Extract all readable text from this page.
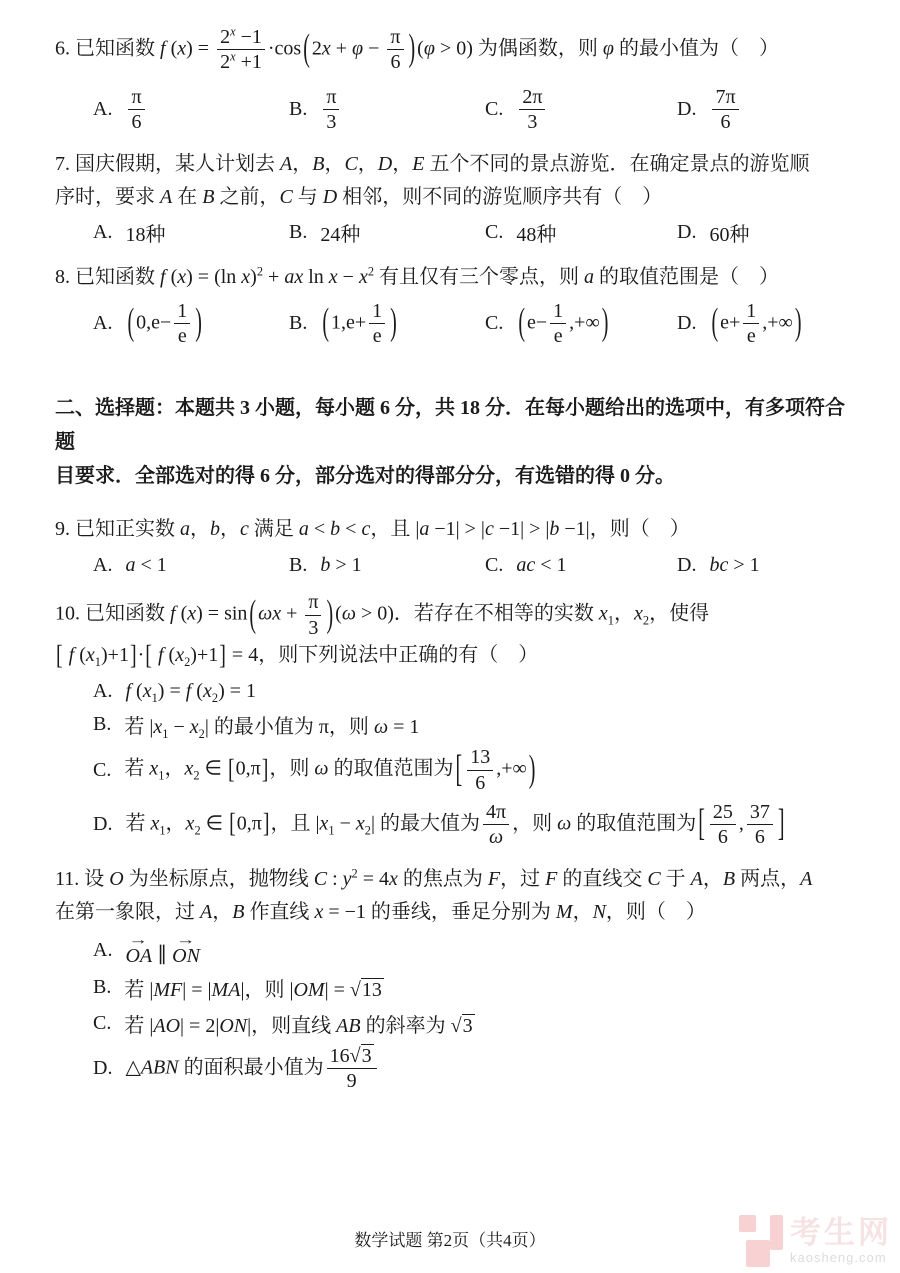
6. 已知函数 f $(x) = \frac{2^x -1}{2^x +1} \cdot\cos$ ( $2x + \varphi - \frac{\pi}{6}$ ) (φ > 0) 为偶函数，则 φ 的最小值为（　）

A. $\frac{\pi}{6}$	B. $\frac{\pi}{3}$	C. $\frac{2\pi}{3}$	D. $\frac{7\pi}{6}$

7. 国庆假期，某人计划去 A，B，C，D，E 五个不同的景点游览．在确定景点的游览顺
序时，要求 A 在 B 之前，C 与 D 相邻，则不同的游览顺序共有（　）

A. 18种	B. 24种	C. 48种	D. 60种

8. 已知函数 f (x) = (ln x)$^2$ + ax $\ln x - x^2$ 有且仅有三个零点，则 a 的取值范围是（　）

A. ( $0,e- \frac{1}{e}$ )	B. ( $1,e+ \frac{1}{e}$ )	C. ( $e- \frac{1}{e}$ ,+∞ )	D. ( $e+ \frac{1}{e}$ ,+∞ )

二、选择题：本题共 3 小题，每小题 6 分，共 18 分．在每小题给出的选项中，有多项符合题
目要求．全部选对的得 6 分，部分选对的得部分分，有选错的得 0 分。

9. 已知正实数 a，b，c 满足 a < b < c，且 |a −1| > |c −1| > |b −1|，则（　）

A. a < 1	B. b > 1	C. ac < 1	D. bc > 1

10. 已知函数 f (x) = sin ( $\omega x + \frac{\pi}{3}$ ) (ω > 0)．若存在不相等的实数 $x_1$，$x_2$，使得
[ f $(x_1)+1]\cdot$[ f $(x_2)+1] = 4$，则下列说法中正确的有（　）

A. f $(x_1) = f$ $(x_2) = 1$
B. 若 $|x_1 - x_2|$ 的最小值为 π，则 ω = 1
C. 若 $x_1$，$x_2$ ∈ [0,π]，则 ω 的取值范围为 [ $\frac{13}{6}$ ,+∞ )
D. 若 $x_1$，$x_2$ ∈ [0,π]，且 $|x_1 - x_2|$ 的最大值为 $\frac{4\pi}{\omega}$ ，则 ω 的取值范围为 [ $\frac{25}{6}$ , $\frac{37}{6}$ ]

11. 设 O 为坐标原点，抛物线 C : $y^2 = 4x$ 的焦点为 F，过 F 的直线交 C 于 A，B 两点，A
在第一象限，过 A，B 作直线 x = −1 的垂线，垂足分别为 M，N，则（　）

A. → OA ∥ → ON
B. 若 |MF| = |MA|，则 |OM| = √13
C. 若 |AO| = 2|ON|，则直线 AB 的斜率为 √3
D. △ABN 的面积最小值为 $\frac{16√3}{9}$

数学试题 第2页（共4页）	考生网
kaosheng.com
